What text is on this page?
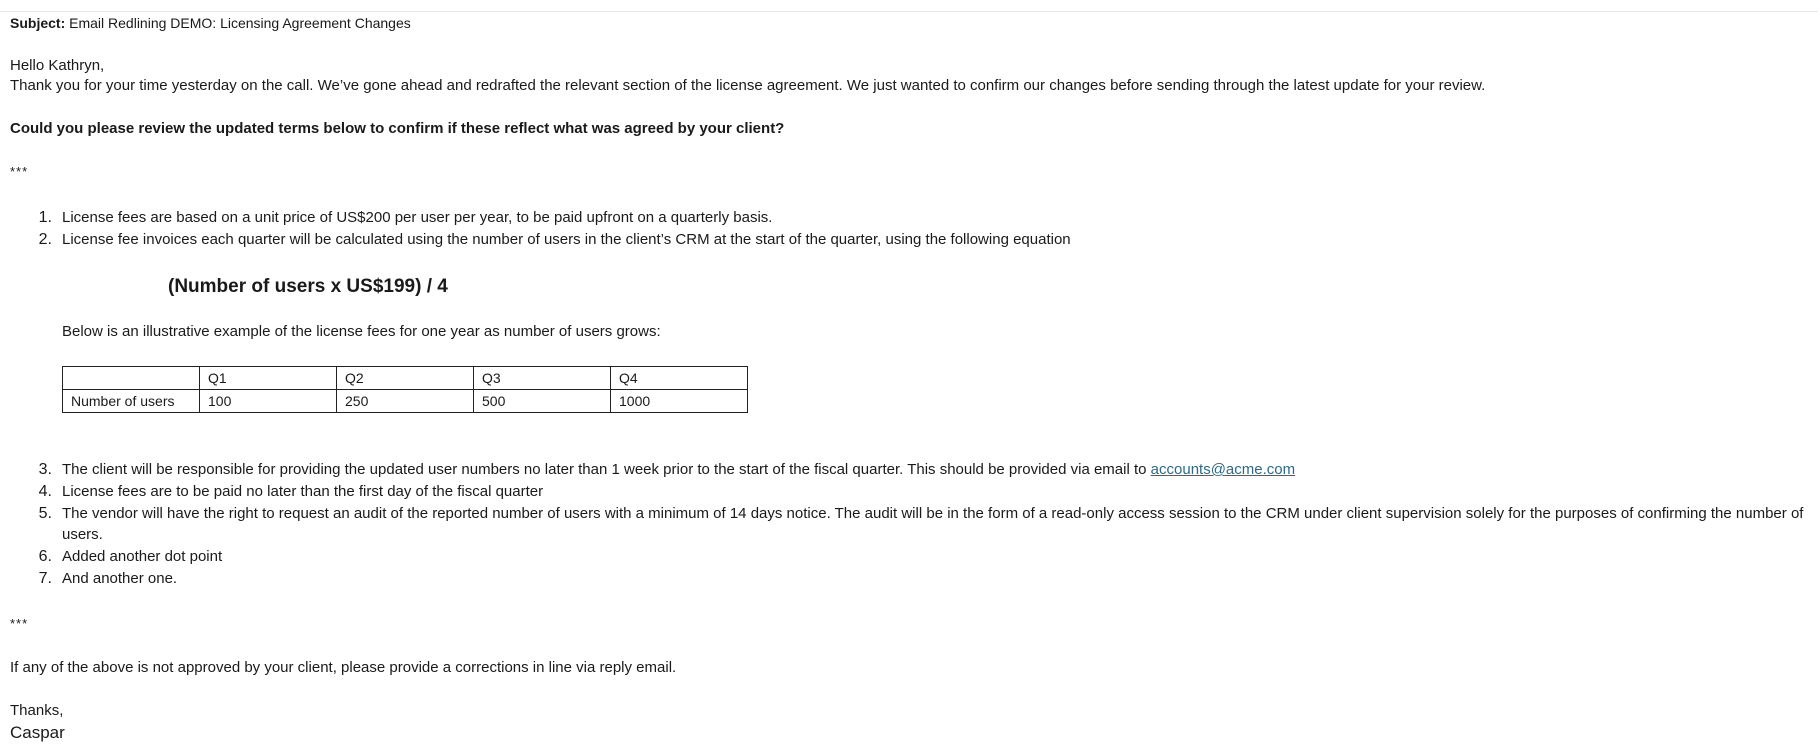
Subject: Email Redlining DEMO: Licensing Agreement Changes
Hello Kathryn,
Thank you for your time yesterday on the call. We’ve gone ahead and redrafted the relevant section of the license agreement. We just wanted to confirm our changes before sending through the latest update for your review.
Could you please review the updated terms below to confirm if these reflect what was agreed by your client?
***
1. License fees are based on a unit price of US$200 per user per year, to be paid upfront on a quarterly basis.
2. License fee invoices each quarter will be calculated using the number of users in the client’s CRM at the start of the quarter, using the following equation
(Number of users x US$199) / 4
Below is an illustrative example of the license fees for one year as number of users grows:
	Q1	Q2	Q3	Q4
Number of users	100	250	500	1000
3. The client will be responsible for providing the updated user numbers no later than 1 week prior to the start of the fiscal quarter. This should be provided via email to accounts@acme.com
4. License fees are to be paid no later than the first day of the fiscal quarter
5. The vendor will have the right to request an audit of the reported number of users with a minimum of 14 days notice. The audit will be in the form of a read-only access session to the CRM under client supervision solely for the purposes of confirming the number of users.
6. Added another dot point
7. And another one.
***
If any of the above is not approved by your client, please provide a corrections in line via reply email.
Thanks,
Caspar
